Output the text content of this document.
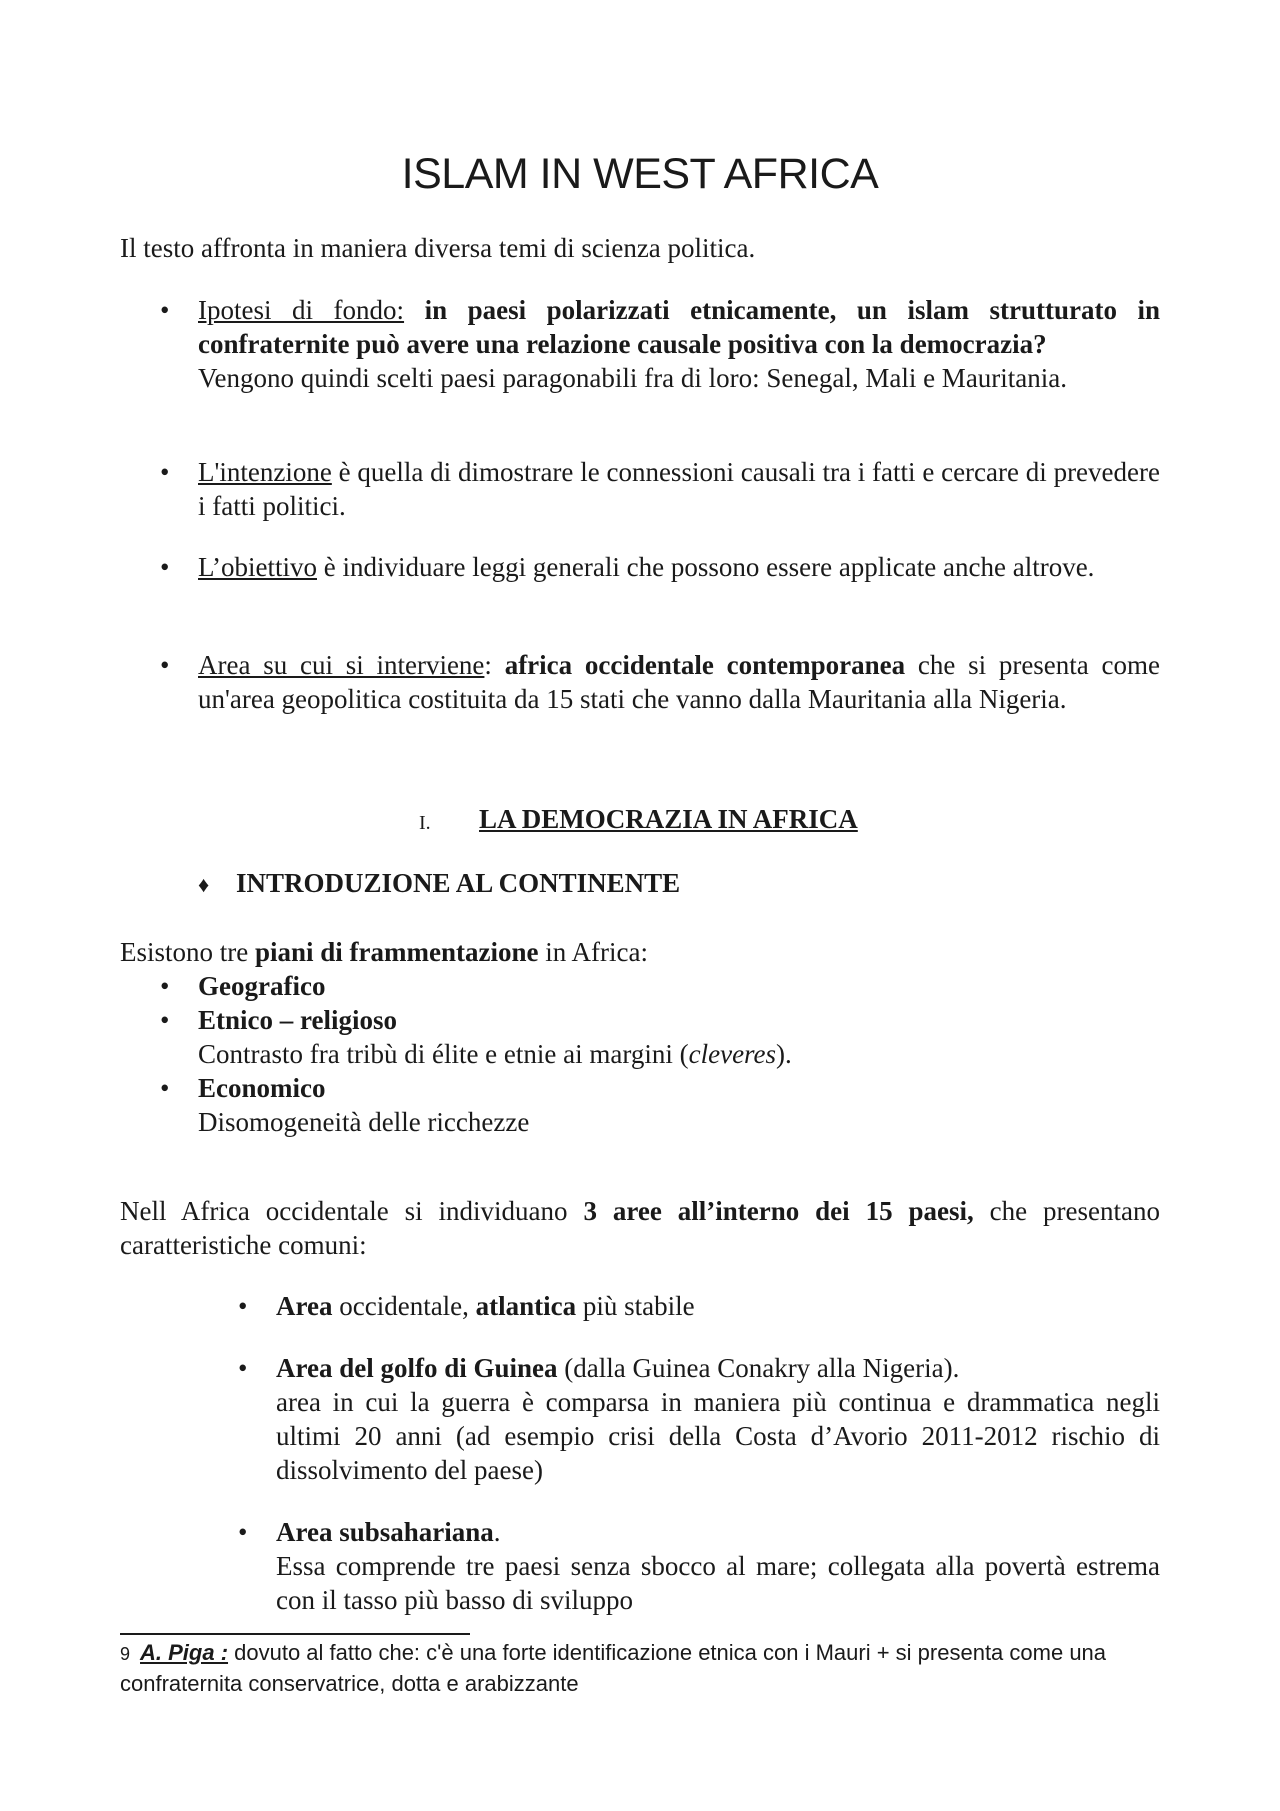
ISLAM IN WEST AFRICA

Il testo affronta in maniera diversa temi di scienza politica.

• Ipotesi di fondo: in paesi polarizzati etnicamente, un islam strutturato in confraternite può avere una relazione causale positiva con la democrazia?
Vengono quindi scelti paesi paragonabili fra di loro: Senegal, Mali e Mauritania.
• L'intenzione è quella di dimostrare le connessioni causali tra i fatti e cercare di prevedere i fatti politici.
• L’obiettivo è individuare leggi generali che possono essere applicate anche altrove.
• Area su cui si interviene: africa occidentale contemporanea che si presenta come un'area geopolitica costituita da 15 stati che vanno dalla Mauritania alla Nigeria.
I. LA DEMOCRAZIA IN AFRICA
♦ INTRODUZIONE AL CONTINENTE

Esistono tre piani di frammentazione in Africa:

• Geografico
• Etnico – religioso
Contrasto fra tribù di élite e etnie ai margini (cleveres).
• Economico
Disomogeneità delle ricchezze

Nell Africa occidentale si individuano 3 aree all’interno dei 15 paesi, che presentano caratteristiche comuni:

• Area occidentale, atlantica più stabile
• Area del golfo di Guinea (dalla Guinea Conakry alla Nigeria).
area in cui la guerra è comparsa in maniera più continua e drammatica negli ultimi 20 anni (ad esempio crisi della Costa d’Avorio 2011-2012 rischio di dissolvimento del paese)
• Area subsahariana.
Essa comprende tre paesi senza sbocco al mare; collegata alla povertà estrema con il tasso più basso di sviluppo
9 A. Piga : dovuto al fatto che: c'è una forte identificazione etnica con i Mauri + si presenta come una confraternita conservatrice, dotta e arabizzante
